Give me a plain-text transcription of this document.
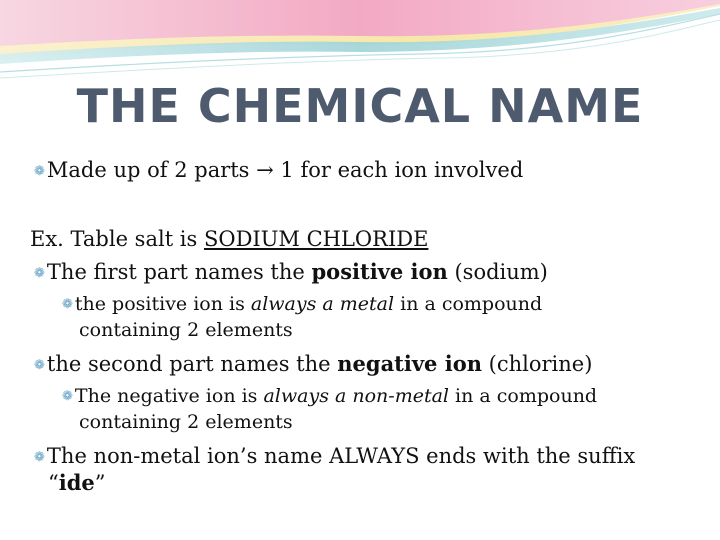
THE CHEMICAL NAME

❁Made up of 2 parts → 1 for each ion involved

Ex. Table salt is SODIUM CHLORIDE

❁The first part names the positive ion (sodium)

❁ the positive ion is always a metal in a compound

containing 2 elements

❁the second part names the negative ion (chlorine)

❁ The negative ion is always a non-metal in a compound

containing 2 elements

❁The non-metal ion’s name ALWAYS ends with the suffix

“ide”
